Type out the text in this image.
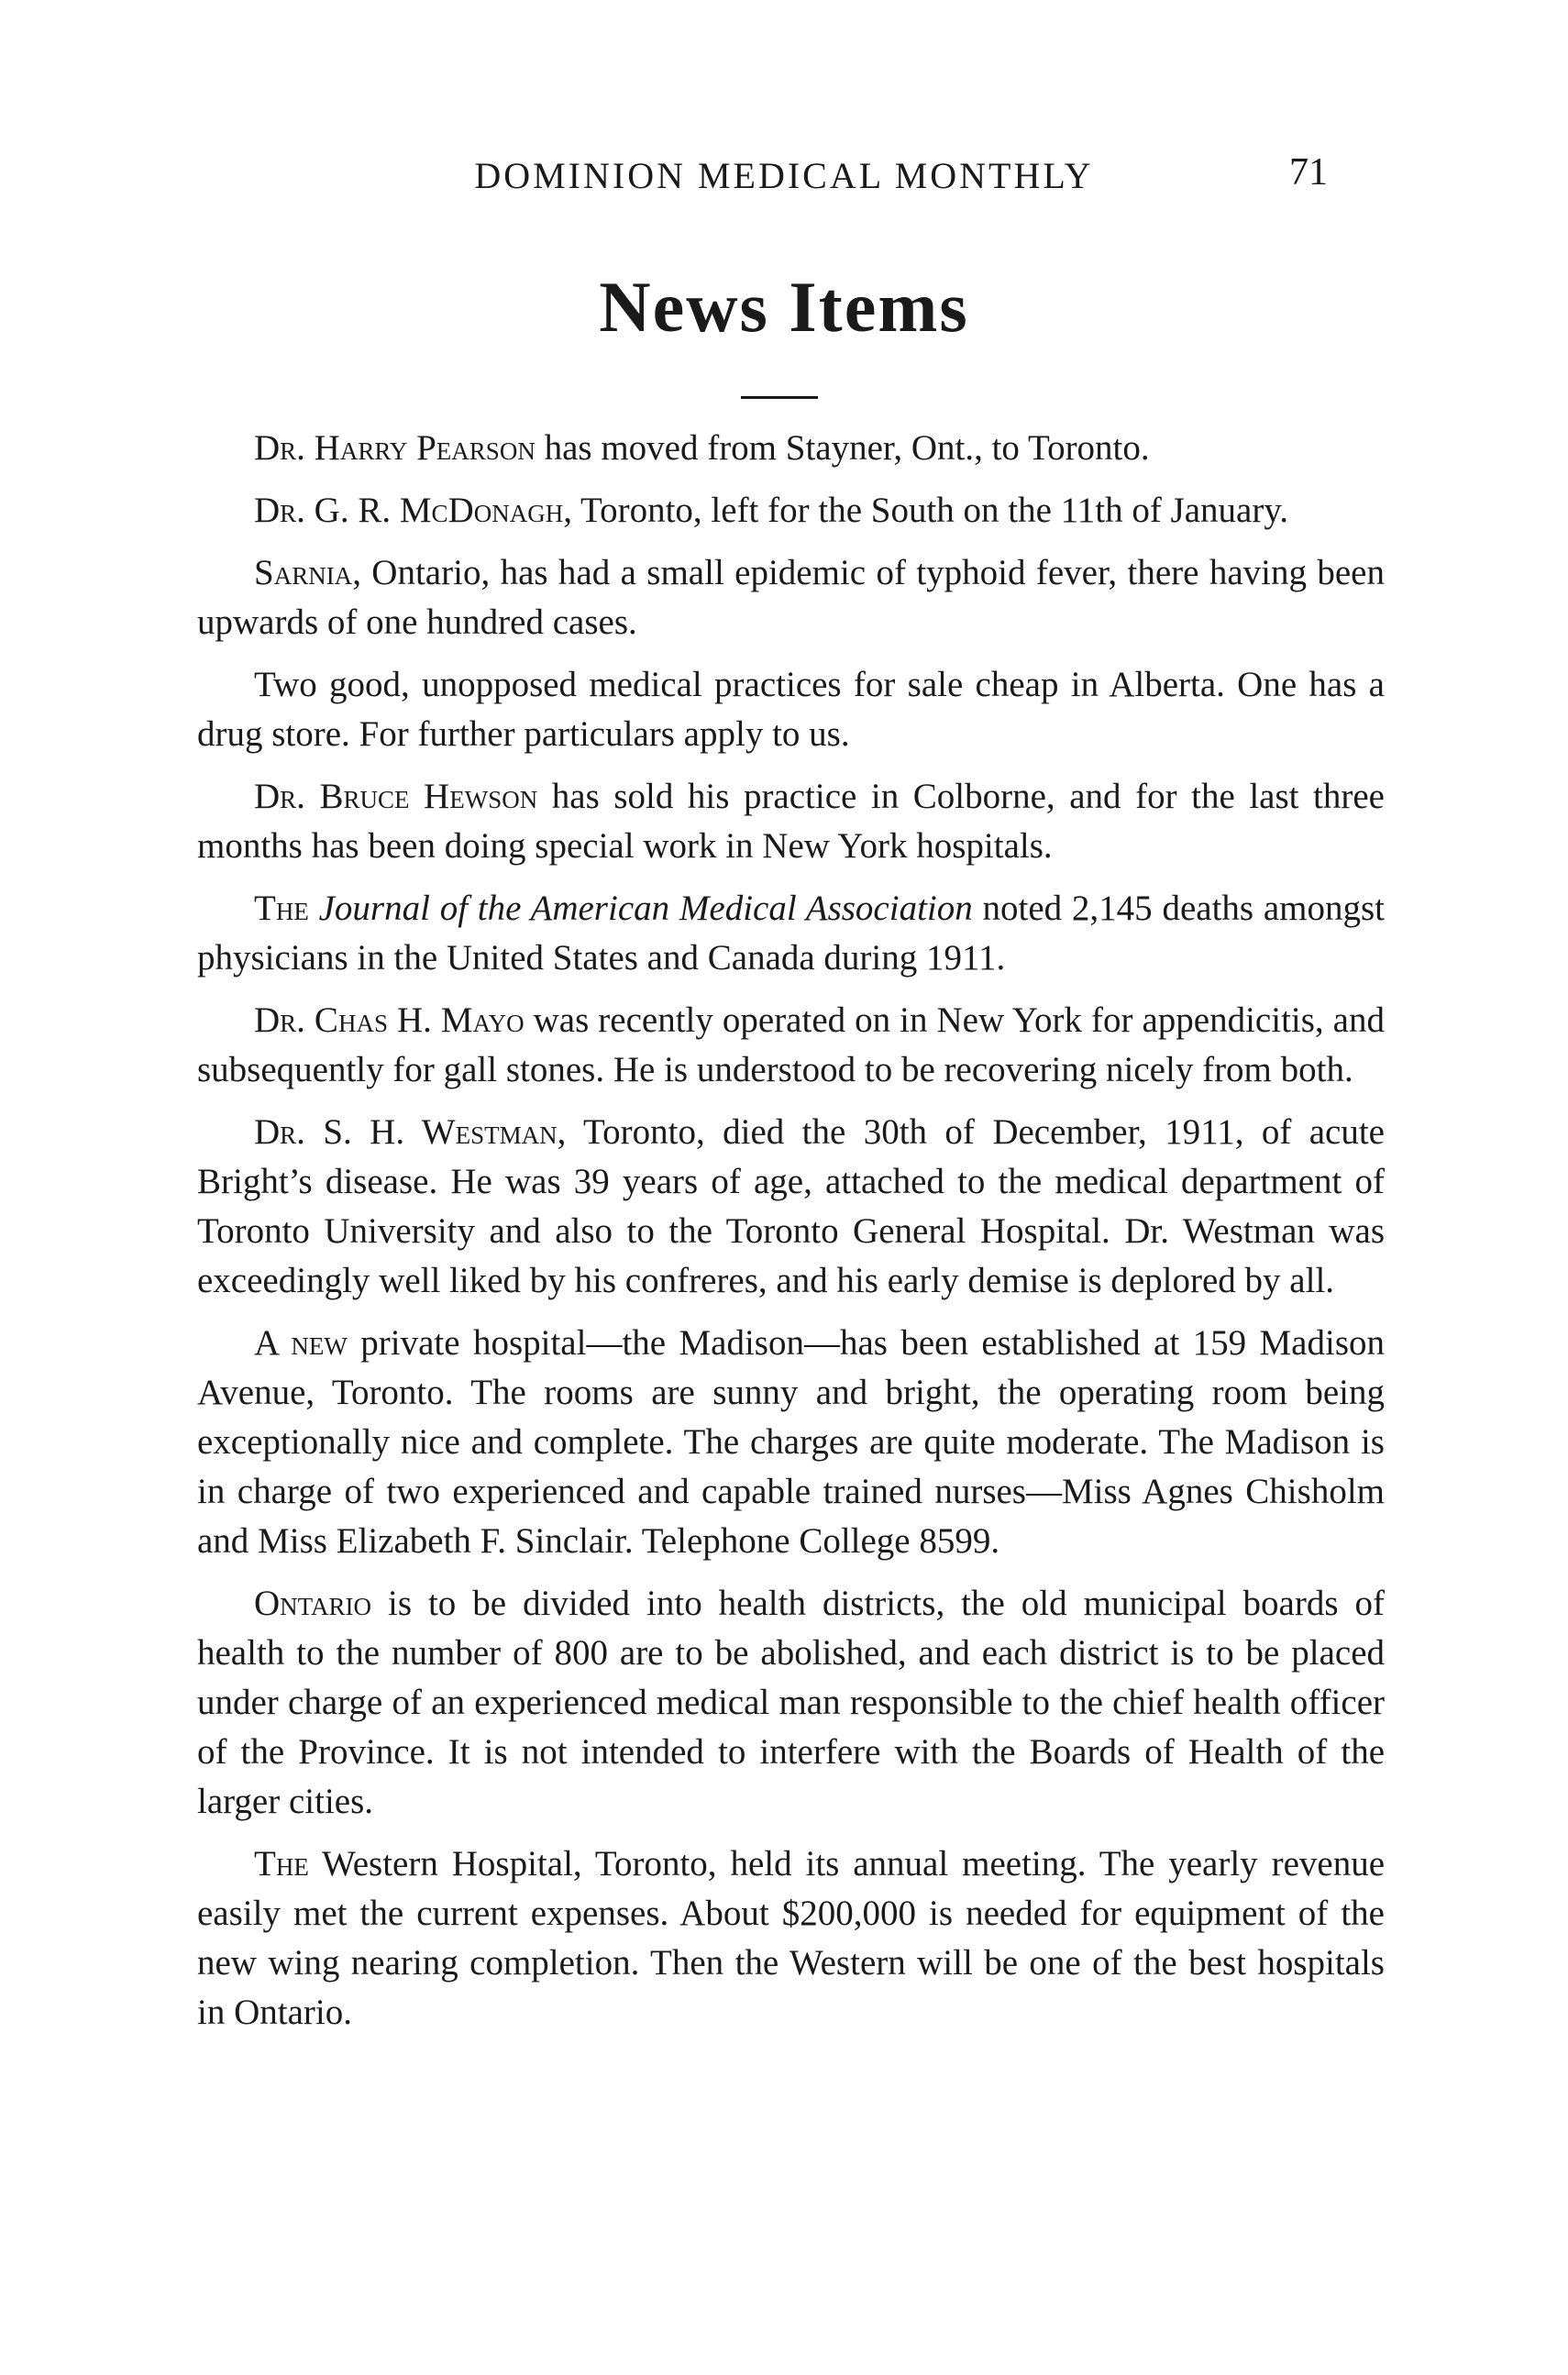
DOMINION MEDICAL MONTHLY	71
News Items

Dr. Harry Pearson has moved from Stayner, Ont., to Toronto.

Dr. G. R. McDonagh, Toronto, left for the South on the 11th of January.

Sarnia, Ontario, has had a small epidemic of typhoid fever, there having been upwards of one hundred cases.

Two good, unopposed medical practices for sale cheap in Alberta. One has a drug store. For further particulars apply to us.

Dr. Bruce Hewson has sold his practice in Colborne, and for the last three months has been doing special work in New York hospitals.

The Journal of the American Medical Association noted 2,145 deaths amongst physicians in the United States and Canada during 1911.

Dr. Chas H. Mayo was recently operated on in New York for appendicitis, and subsequently for gall stones. He is understood to be recovering nicely from both.

Dr. S. H. Westman, Toronto, died the 30th of December, 1911, of acute Bright’s disease. He was 39 years of age, attached to the medical department of Toronto University and also to the Toronto General Hospital. Dr. Westman was exceedingly well liked by his confreres, and his early demise is deplored by all.

A new private hospital—the Madison—has been established at 159 Madison Avenue, Toronto. The rooms are sunny and bright, the operating room being exceptionally nice and complete. The charges are quite moderate. The Madison is in charge of two experienced and capable trained nurses—Miss Agnes Chisholm and Miss Elizabeth F. Sinclair. Telephone College 8599.

Ontario is to be divided into health districts, the old municipal boards of health to the number of 800 are to be abolished, and each district is to be placed under charge of an experienced medical man responsible to the chief health officer of the Province. It is not intended to interfere with the Boards of Health of the larger cities.

The Western Hospital, Toronto, held its annual meeting. The yearly revenue easily met the current expenses. About $200,000 is needed for equipment of the new wing nearing completion. Then the Western will be one of the best hospitals in Ontario.
